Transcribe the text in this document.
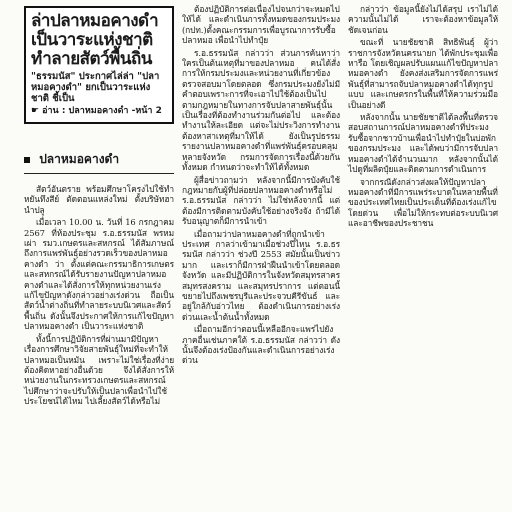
ล่าปลาหมอคางดำ เป็นวาระแห่งชาติ ทำลายสัตว์พื้นถิ่น

"ธรรมนัส" ประกาศไล่ล่า "ปลาหมอคางดำ" ยกเป็นวาระแห่งชาติ ชี้เป็น
☛ อ่าน : ปลาหมอคางดำ -หน้า 2
ปลาหมอคางดำ

สัตว์อันตราย พร้อมศึกษาโครงไปใช้ทำหยันทึงสีย์ ตัดตอนแหล่งใหม่ ตั้งบริษัทฮานำปลู

เมื่อเวลา 10.00 น. วันที่ 16 กรกฎาคม 2567 ที่ห้องประชุม ร.อ.ธรรมนัส พรหมเผ่า รมว.เกษตรและสหกรณ์ ได้สัมภาษณ์ถึงการแพร่พันธุ์อย่างรวดเร็วของปลาหมอคางดำ ว่า ตั้งแต่คณะกรรมาธิการเกษตรและสหกรณ์ได้รับรายงานปัญหาปลาหมอคางดำและได้สั่งการให้ทุกหน่วยงานเร่งแก้ไขปัญหาดังกล่าวอย่างเร่งด่วน ถือเป็นสัตว์น้ำต่างถิ่นที่ทำลายระบบนิเวศและสัตว์พื้นถิ่น ดังนั้นจึงประกาศให้การแก้ไขปัญหาปลาหมอคางดำ เป็นวาระแห่งชาติ

ทั้งนี้การปฏิบัติการที่ผ่านมามีปัญหาเรื่องการศึกษาวิจัยสายพันธุ์ใหม่ที่จะทำให้ปลาหมอเป็นหมัน เพราะไม่ใช่เรื่องที่ง่ายต้องคิดหาอย่างอื่นด้วย จึงได้สั่งการให้หน่วยงานในกระทรวงเกษตรและสหกรณ์ไปศึกษาว่าจะปรับให้เป็นปลาเพื่อนำไปใช้ประโยชน์ได้ไหม ไปเลี้ยงสัตว์ได้หรือไม่

ต้องปฏิบัติการต่อเนื่องไปจนกว่าจะหมดไปให้ได้ และดำเนินการทั้งหมดของกรมประมง (กปท.)ตั้งคณะกรรมการเพื่อบูรณาการรับซื้อปลาหมอ เพื่อนำไปทำปุ๋ย

ร.อ.ธรรมนัส กล่าวว่า ส่วนการค้นหาว่าใครเป็นต้นเหตุที่มาของปลาหมอ คนได้สั่งการให้กรมประมงและหน่วยงานที่เกี่ยวข้องตรวจสอบมาโดยตลอด ซึ่งกรมประมงยังไม่มีคำตอบเพราะการที่จะเอาไปใช้ต้องเป็นไปตามกฎหมายในทางการจับปลาสายพันธุ์นั้นเป็นเรื่องที่ต้องทำงานร่วมกันต่อไป และต้องทำงานให้ละเอียด แต่จะไม่ประวิงการทำงาน ต้องหาสาเหตุที่มาให้ได้ ยังเป็นรูปธรรมรายงานปลาหมอคางดำที่แพร่พันธุ์ครอบคลุมหลายจังหวัด กรมการจัดการเรื่องนี้ด้วยกันทั้งหมด กำหนดว่าจะทำให้ได้ทั้งหมด

ผู้สื่อข่าวถามว่า หลังจากนี้มีการบังคับใช้กฎหมายกับผู้ที่ปล่อยปลาหมอคางดำหรือไม่ ร.อ.ธรรมนัส กล่าวว่า ไม่ใช่หลังจากนี้ แต่ต้องมีการติดตามบังคับใช้อย่างจริงจัง ถ้ามีได้รับอนุญาตก็มีการนำเข้า

เมื่อถามว่าปลาหมอคางดำที่ถูกนำเข้าประเทศ กาลว่าเข้ามาเมื่อช่วงปีไหน ร.อ.ธรรมนัส กล่าวว่า ช่วงปี 2553 สมัยนั้นเป็นข่าวมาก และเราก็มีการฝ่าฝืนนำเข้าโดยตลอดจังหวัด และมีปฏิบัติการในจังหวัดสมุทรสาคร สมุทรสงคราม และสมุทรปราการ แต่ตอนนี้ขยายไปถึงเพชรบุรีและประจวบคีรีขันธ์ และอยู่ใกล้กับอ่าวไทย ต้องดำเนินการอย่างเร่งด่วนและน้ำต้นน้ำทั้งหมด

เมื่อถามอีกว่าตอนนี้เหลืออีกจะแพร่ไปยังภาคอื่นเช่นภาคใต้ ร.อ.ธรรมนัส กล่าวว่า ดังนั้นจึงต้องเร่งป้องกันและดำเนินการอย่างเร่งด่วน

กล่าวว่า ข้อมูลนี้ยังไม่ได้สรุป เราไม่ได้ความนั้นไม่ได้ เราจะต้องหาข้อมูลให้ชัดเจนก่อน

ขณะที่ นายชัยชาติ สิทธิพันธุ์ ผู้ว่าราชการจังหวัดนครนายก ได้พักประชุมเพื่อหารือ โดยเชิญผลปรับแผนแก้ไขปัญหาปลาหมอคางดำ ยังคงส่งเสริมการจัดการแพร่พันธุ์ที่สามารถจับปลาหมอคางดำได้ทุกรูปแบบ และเกษตรกรในพื้นที่ให้ความร่วมมือเป็นอย่างดี

หลังจากนั้น นายชัยชาติได้ลงพื้นที่ตรวจสอบสถานการณ์ปลาหมอคางดำที่ประมงรับซื้อจากชาวบ้านเพื่อนำไปทำปุ๋ยในบ่อพักของกรมประมง และได้พบว่ามีการจับปลาหมอคางดำได้จำนวนมาก หลังจากนั้นได้ไปดูที่ผลิตปุ๋ยและติดตามการดำเนินการ

จากกรณีดังกล่าวส่งผลให้ปัญหาปลาหมอคางดำที่มีการแพร่ระบาดในหลายพื้นที่ของประเทศไทยเป็นประเด็นที่ต้องเร่งแก้ไขโดยด่วน เพื่อไม่ให้กระทบต่อระบบนิเวศและอาชีพของประชาชน
